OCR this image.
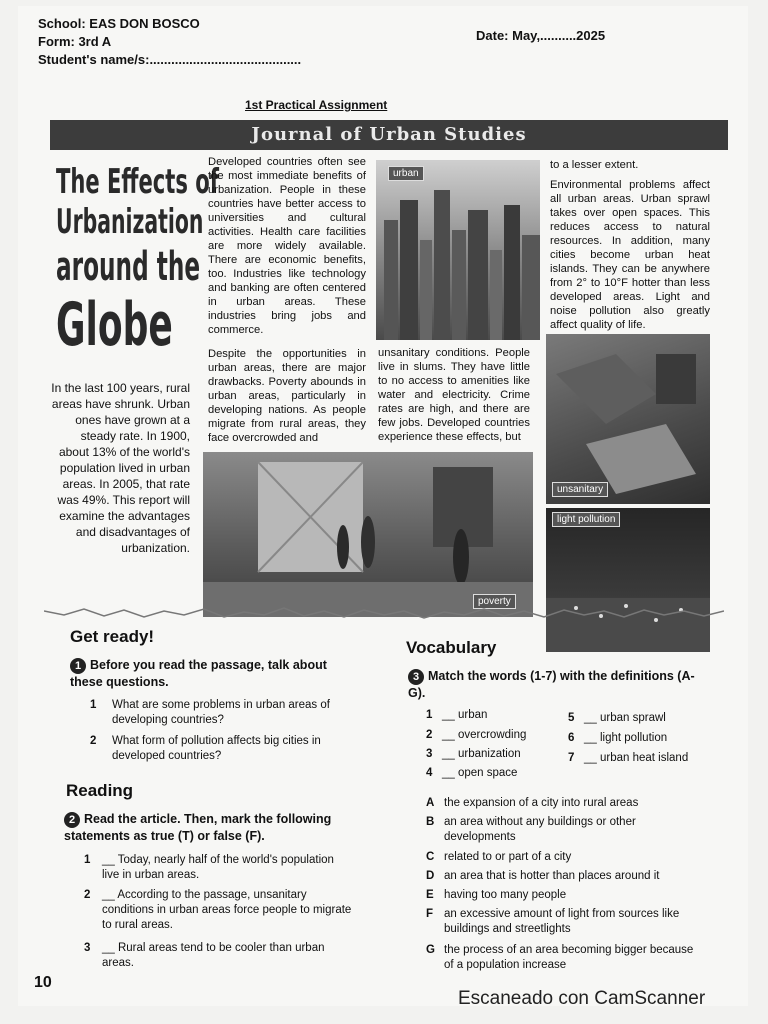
School: EAS DON BOSCO
Form: 3rd A
Student's name/s:..........................................
Date: May,..........2025
1st Practical Assignment
Journal of Urban Studies
The Effects of
Urbanization
around the
Globe
In the last 100 years, rural areas have shrunk. Urban ones have grown at a steady rate. In 1900, about 13% of the world's population lived in urban areas. In 2005, that rate was 49%. This report will examine the advantages and disadvantages of urbanization.

Developed countries often see the most immediate benefits of urbanization. People in these countries have better access to universities and cultural activities. Health care facilities are more widely available. There are economic benefits, too. Industries like technology and banking are often centered in urban areas. These industries bring jobs and commerce.

Despite the opportunities in urban areas, there are major drawbacks. Poverty abounds in urban areas, particularly in developing nations. As people migrate from rural areas, they face overcrowded and

urban

unsanitary conditions. People live in slums. They have little to no access to amenities like water and electricity. Crime rates are high, and there are few jobs. Developed countries experience these effects, but

to a lesser extent.

Environmental problems affect all urban areas. Urban sprawl takes over open spaces. This reduces access to natural resources. In addition, many cities become urban heat islands. They can be anywhere from 2° to 10°F hotter than less developed areas. Light and noise pollution also greatly affect quality of life.

poverty
unsanitary
light pollution
Get ready!
1 Before you read the passage, talk about these questions.
1 What are some problems in urban areas of developing countries?
2 What form of pollution affects big cities in developed countries?
Reading
2 Read the article. Then, mark the following statements as true (T) or false (F).
1 __ Today, nearly half of the world's population live in urban areas.
2 __ According to the passage, unsanitary conditions in urban areas force people to migrate to rural areas.
3 __ Rural areas tend to be cooler than urban areas.
Vocabulary
3 Match the words (1-7) with the definitions (A-G).
1 __ urban
2 __ overcrowding
3 __ urbanization
4 __ open space
5 __ urban sprawl
6 __ light pollution
7 __ urban heat island
A the expansion of a city into rural areas
B an area without any buildings or other developments
C related to or part of a city
D an area that is hotter than places around it
E having too many people
F an excessive amount of light from sources like buildings and streetlights
G the process of an area becoming bigger because of a population increase
10
Escaneado con CamScanner
